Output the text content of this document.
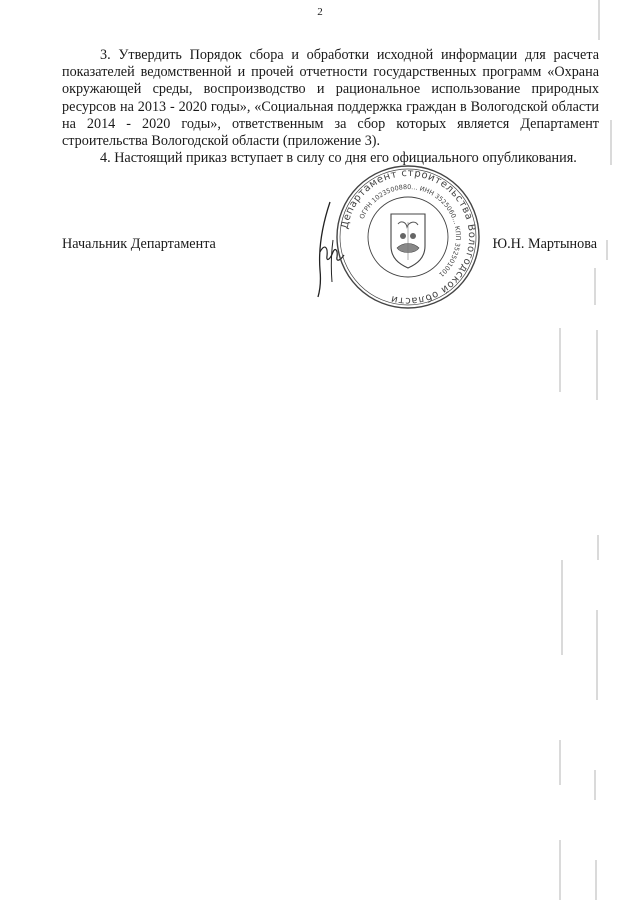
2

3. Утвердить Порядок сбора и обработки исходной информации для расчета показателей ведомственной и прочей отчетности государственных программ «Охрана окружающей среды, воспроизводство и рациональное использование природных ресурсов на 2013 - 2020 годы», «Социальная поддержка граждан в Вологодской области на 2014 - 2020 годы», ответственным за сбор которых является Департамент строительства Вологодской области (приложение 3).

4. Настоящий приказ вступает в силу со дня его официального опубликования.

Начальник Департамента	Ю.Н. Мартынова
Департамент строительства Вологодской области
ОГРН 1023500880... ИНН 3525060... КПП 352501001
